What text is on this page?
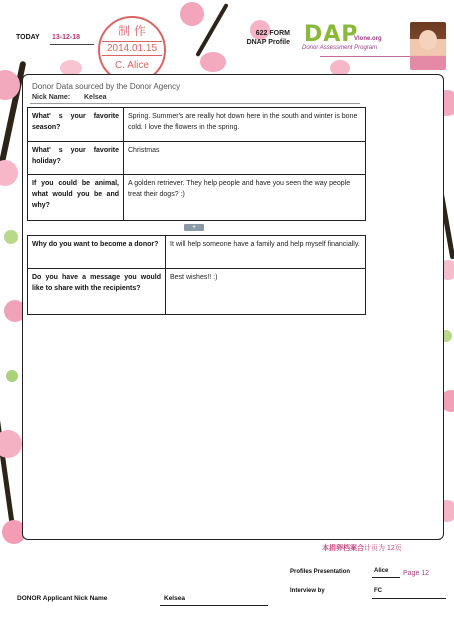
TODAY 13-12-18	制 作
2014.01.15
C. Alice
622 FORM
DNAP Profile DAP
Vlone.org
Donor Assessment Program
Donor Data sourced by the Donor Agency
Nick Name: Kelsea
What' s your favorite season?	Spring. Summer's are really hot down here in the south and winter is bone cold. I love the flowers in the spring.
What' s your favorite holiday?	Christmas
If you could be animal, what would you be and why?	A golden retriever. They help people and have you seen the way people treat their dogs? :)
+
Why do you want to become a donor?	It will help someone have a family and help myself financially.
Do you have a message you would like to share with the recipients?	Best wishes!! :)
本捐卵档案合计页为 12页
Profiles Presentation	Alice Page 12
Interview by	FC
DONOR Applicant Nick Name	Kelsea
